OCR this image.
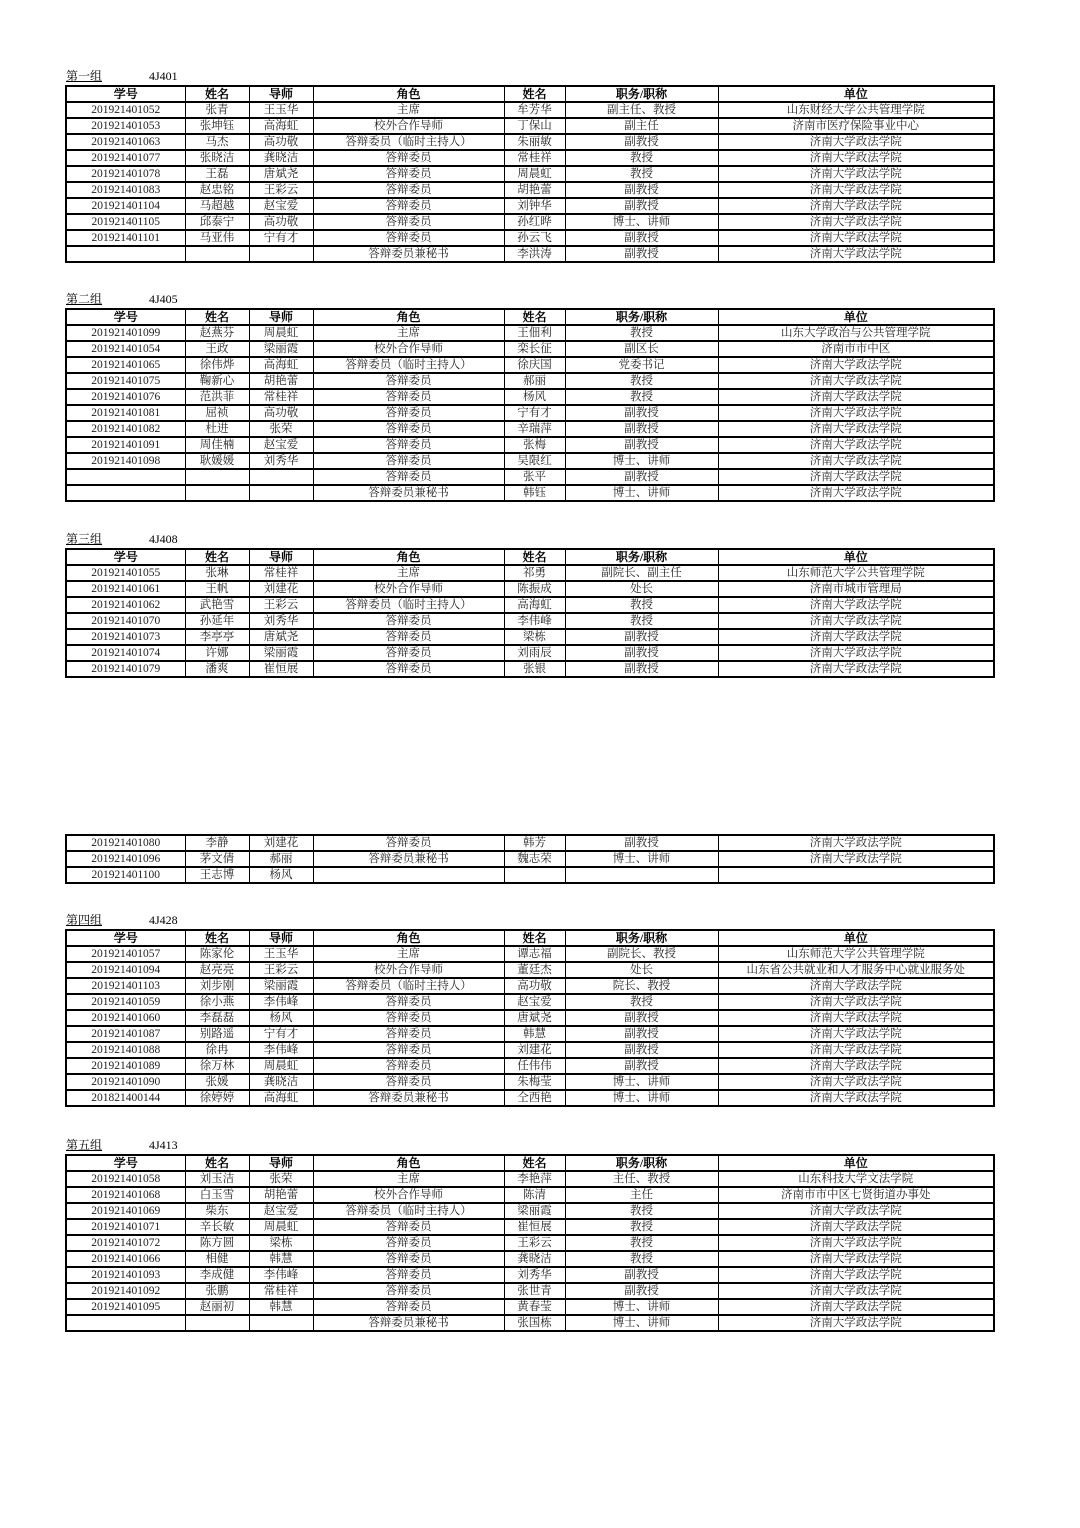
第一组	4J401
学号	姓名	导师	角色	姓名	职务/职称	单位
201921401052	张青	王玉华	主席	牟芳华	副主任、教授	山东财经大学公共管理学院
201921401053	张坤钰	高海虹	校外合作导师	丁保山	副主任	济南市医疗保险事业中心
201921401063	马杰	高功敬	答辩委员（临时主持人）	朱丽敏	副教授	济南大学政法学院
201921401077	张晓洁	龚晓洁	答辩委员	常桂祥	教授	济南大学政法学院
201921401078	王磊	唐斌尧	答辩委员	周晨虹	教授	济南大学政法学院
201921401083	赵忠铭	王彩云	答辩委员	胡艳蕾	副教授	济南大学政法学院
201921401104	马超越	赵宝爱	答辩委员	刘钟华	副教授	济南大学政法学院
201921401105	邱泰宁	高功敬	答辩委员	孙红晔	博士、讲师	济南大学政法学院
201921401101	马亚伟	宁有才	答辩委员	孙云飞	副教授	济南大学政法学院
			答辩委员兼秘书	李洪涛	副教授	济南大学政法学院
第二组	4J405
学号	姓名	导师	角色	姓名	职务/职称	单位
201921401099	赵燕芬	周晨虹	主席	王佃利	教授	山东大学政治与公共管理学院
201921401054	王政	梁丽霞	校外合作导师	栾长征	副区长	济南市市中区
201921401065	徐伟烨	高海虹	答辩委员（临时主持人）	徐庆国	党委书记	济南大学政法学院
201921401075	鞠新心	胡艳蕾	答辩委员	郝丽	教授	济南大学政法学院
201921401076	范洪菲	常桂祥	答辩委员	杨风	教授	济南大学政法学院
201921401081	屈祯	高功敬	答辩委员	宁有才	副教授	济南大学政法学院
201921401082	杜进	张荣	答辩委员	辛瑞萍	副教授	济南大学政法学院
201921401091	周佳楠	赵宝爱	答辩委员	张梅	副教授	济南大学政法学院
201921401098	耿媛媛	刘秀华	答辩委员	吴限红	博士、讲师	济南大学政法学院
			答辩委员	张平	副教授	济南大学政法学院
			答辩委员兼秘书	韩钰	博士、讲师	济南大学政法学院
第三组	4J408
学号	姓名	导师	角色	姓名	职务/职称	单位
201921401055	张琳	常桂祥	主席	祁勇	副院长、副主任	山东师范大学公共管理学院
201921401061	王帆	刘建花	校外合作导师	陈振成	处长	济南市城市管理局
201921401062	武艳雪	王彩云	答辩委员（临时主持人）	高海虹	教授	济南大学政法学院
201921401070	孙延年	刘秀华	答辩委员	李伟峰	教授	济南大学政法学院
201921401073	李亭亭	唐斌尧	答辩委员	梁栋	副教授	济南大学政法学院
201921401074	许娜	梁丽霞	答辩委员	刘雨辰	副教授	济南大学政法学院
201921401079	潘爽	崔恒展	答辩委员	张银	副教授	济南大学政法学院
201921401080	李静	刘建花	答辩委员	韩芳	副教授	济南大学政法学院
201921401096	茅文倩	郝丽	答辩委员兼秘书	魏志荣	博士、讲师	济南大学政法学院
201921401100	王志博	杨风				
第四组	4J428
学号	姓名	导师	角色	姓名	职务/职称	单位
201921401057	陈家伦	王玉华	主席	谭志福	副院长、教授	山东师范大学公共管理学院
201921401094	赵亮亮	王彩云	校外合作导师	董廷杰	处长	山东省公共就业和人才服务中心就业服务处
201921401103	刘步刚	梁丽霞	答辩委员（临时主持人）	高功敬	院长、教授	济南大学政法学院
201921401059	徐小燕	李伟峰	答辩委员	赵宝爱	教授	济南大学政法学院
201921401060	李磊磊	杨风	答辩委员	唐斌尧	副教授	济南大学政法学院
201921401087	别路遥	宁有才	答辩委员	韩慧	副教授	济南大学政法学院
201921401088	徐冉	李伟峰	答辩委员	刘建花	副教授	济南大学政法学院
201921401089	徐万林	周晨虹	答辩委员	任伟伟	副教授	济南大学政法学院
201921401090	张媛	龚晓洁	答辩委员	朱梅莹	博士、讲师	济南大学政法学院
201821400144	徐婷婷	高海虹	答辩委员兼秘书	仝西艳	博士、讲师	济南大学政法学院
第五组	4J413
学号	姓名	导师	角色	姓名	职务/职称	单位
201921401058	刘玉洁	张荣	主席	李艳萍	主任、教授	山东科技大学文法学院
201921401068	白玉雪	胡艳蕾	校外合作导师	陈清	主任	济南市市中区七贤街道办事处
201921401069	柴东	赵宝爱	答辩委员（临时主持人）	梁丽霞	教授	济南大学政法学院
201921401071	辛长敏	周晨虹	答辩委员	崔恒展	教授	济南大学政法学院
201921401072	陈方圆	梁栋	答辩委员	王彩云	教授	济南大学政法学院
201921401066	相健	韩慧	答辩委员	龚晓洁	教授	济南大学政法学院
201921401093	李成健	李伟峰	答辩委员	刘秀华	副教授	济南大学政法学院
201921401092	张鹏	常桂祥	答辩委员	张世青	副教授	济南大学政法学院
201921401095	赵丽初	韩慧	答辩委员	黄春莹	博士、讲师	济南大学政法学院
			答辩委员兼秘书	张国栋	博士、讲师	济南大学政法学院
